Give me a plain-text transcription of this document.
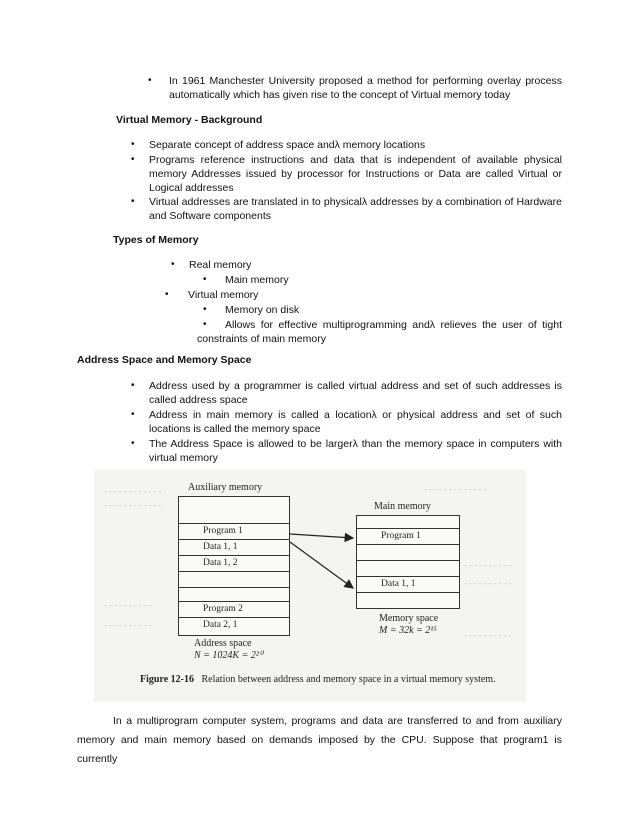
• In 1961 Manchester University proposed a method for performing overlay process automatically which has given rise to the concept of Virtual memory today
Virtual Memory - Background
• Separate concept of address space andλ memory locations
• Programs reference instructions and data that is independent of available physical memory Addresses issued by processor for Instructions or Data are called Virtual or Logical addresses
• Virtual addresses are translated in to physicalλ addresses by a combination of Hardware and Software components
Types of Memory
• Real memory
• Main memory
• Virtual memory
• Memory on disk
•	Allows for effective multiprogramming andλ relieves the user of tight constraints of main memory
Address Space and Memory Space
• Address used by a programmer is called virtual address and set of such addresses is called address space
• Address in main memory is called a locationλ or physical address and set of such locations is called the memory space
• The Address Space is allowed to be largerλ than the memory space in computers with virtual memory
- - - - - - - - - - - -
- - - - - - - - - - - -
- - - - - - - - - - - - -
- - - - - - - - - -
- - - - - - - - - -
- - - - - - - - - -
- - - - - - - - - -
- - - - - - - - - -
Auxiliary memory
Program 1
Data 1, 1
Data 1, 2
Program 2
Data 2, 1
Address space
N = 1024K = 2²⁰
Main memory
Program 1
Data 1, 1
Memory space
M = 32k = 2¹⁵
Figure 12-16 Relation between address and memory space in a virtual memory system.
In a multiprogram computer system, programs and data are transferred to and from auxiliary memory and main memory based on demands imposed by the CPU. Suppose that program1 is currently
